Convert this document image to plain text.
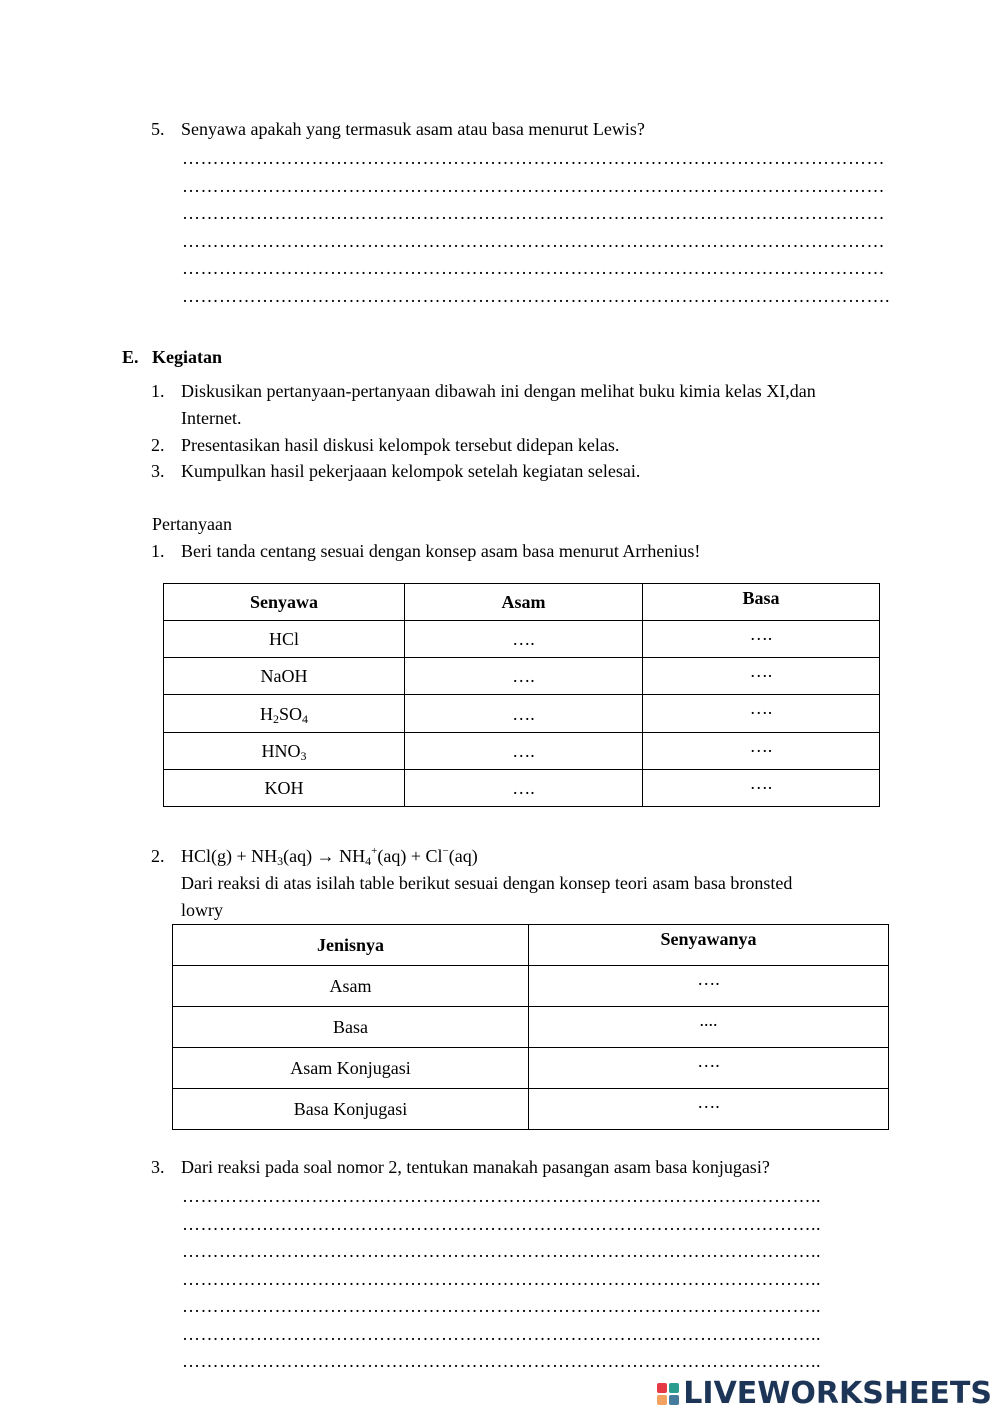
5. Senyawa apakah yang termasuk asam atau basa menurut Lewis?
……………………………………………………………………………………………………
……………………………………………………………………………………………………
……………………………………………………………………………………………………
……………………………………………………………………………………………………
……………………………………………………………………………………………………
…………………………………………………………………………………………………….
E. Kegiatan
1. Diskusikan pertanyaan-pertanyaan dibawah ini dengan melihat buku kimia kelas XI,dan
Internet.
2. Presentasikan hasil diskusi kelompok tersebut didepan kelas.
3. Kumpulkan hasil pekerjaaan kelompok setelah kegiatan selesai.
Pertanyaan
1. Beri tanda centang sesuai dengan konsep asam basa menurut Arrhenius!
Senyawa	Asam	Basa
HCl	….	….
NaOH	….	….
$H_2SO_4$	….	….
$HNO_3$	….	….
KOH	….	….
2. $HCl(g) + NH_3(aq) \to NH_4^+(aq) + Cl^-(aq)$
Dari reaksi di atas isilah table berikut sesuai dengan konsep teori asam basa bronsted
lowry
Jenisnya	Senyawanya
Asam	….
Basa	....
Asam Konjugasi	….
Basa Konjugasi	….
3. Dari reaksi pada soal nomor 2, tentukan manakah pasangan asam basa konjugasi?
…………………………………………………………………………………………..
…………………………………………………………………………………………..
…………………………………………………………………………………………..
…………………………………………………………………………………………..
…………………………………………………………………………………………..
…………………………………………………………………………………………..
…………………………………………………………………………………………..
LIVEWORKSHEETS
